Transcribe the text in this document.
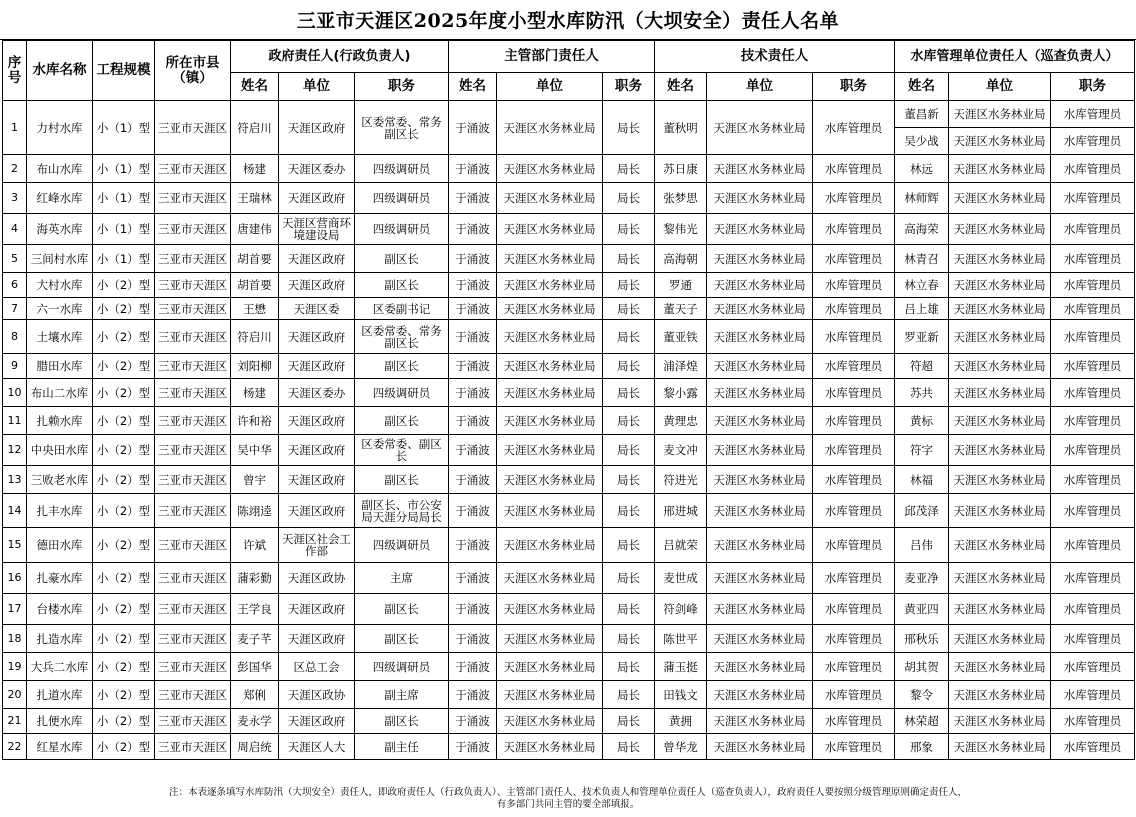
三亚市天涯区2025年度小型水库防汛（大坝安全）责任人名单
序号	水库名称	工程规模	所在市县（镇）	政府责任人(行政负责人)			主管部门责任人			技术责任人			水库管理单位责任人（巡查负责人）		
				姓名	单位	职务	姓名	单位	职务	姓名	单位	职务	姓名	单位	职务
1	力村水库	小（1）型	三亚市天涯区	符启川	天涯区政府	区委常委、常务副区长	于涌波	天涯区水务林业局	局长	董秋明	天涯区水务林业局	水库管理员	董昌新	天涯区水务林业局	水库管理员
													吴少战	天涯区水务林业局	水库管理员
2	布山水库	小（1）型	三亚市天涯区	杨建	天涯区委办	四级调研员	于涌波	天涯区水务林业局	局长	苏日康	天涯区水务林业局	水库管理员	林远	天涯区水务林业局	水库管理员
3	红峰水库	小（1）型	三亚市天涯区	王瑞林	天涯区政府	四级调研员	于涌波	天涯区水务林业局	局长	张梦思	天涯区水务林业局	水库管理员	林师辉	天涯区水务林业局	水库管理员
4	海英水库	小（1）型	三亚市天涯区	唐建伟	天涯区营商环境建设局	四级调研员	于涌波	天涯区水务林业局	局长	黎伟光	天涯区水务林业局	水库管理员	高海荣	天涯区水务林业局	水库管理员
5	三间村水库	小（1）型	三亚市天涯区	胡首要	天涯区政府	副区长	于涌波	天涯区水务林业局	局长	高海朝	天涯区水务林业局	水库管理员	林青召	天涯区水务林业局	水库管理员
6	大村水库	小（2）型	三亚市天涯区	胡首要	天涯区政府	副区长	于涌波	天涯区水务林业局	局长	罗通	天涯区水务林业局	水库管理员	林立春	天涯区水务林业局	水库管理员
7	六一水库	小（2）型	三亚市天涯区	王懋	天涯区委	区委副书记	于涌波	天涯区水务林业局	局长	董天子	天涯区水务林业局	水库管理员	吕上雄	天涯区水务林业局	水库管理员
8	土壤水库	小（2）型	三亚市天涯区	符启川	天涯区政府	区委常委、常务副区长	于涌波	天涯区水务林业局	局长	董亚铁	天涯区水务林业局	水库管理员	罗亚新	天涯区水务林业局	水库管理员
9	腊田水库	小（2）型	三亚市天涯区	刘阳柳	天涯区政府	副区长	于涌波	天涯区水务林业局	局长	浦泽煌	天涯区水务林业局	水库管理员	符超	天涯区水务林业局	水库管理员
10	布山二水库	小（2）型	三亚市天涯区	杨建	天涯区委办	四级调研员	于涌波	天涯区水务林业局	局长	黎小露	天涯区水务林业局	水库管理员	苏共	天涯区水务林业局	水库管理员
11	扎赖水库	小（2）型	三亚市天涯区	许和裕	天涯区政府	副区长	于涌波	天涯区水务林业局	局长	黄理忠	天涯区水务林业局	水库管理员	黄标	天涯区水务林业局	水库管理员
12	中央田水库	小（2）型	三亚市天涯区	吴中华	天涯区政府	区委常委、副区长	于涌波	天涯区水务林业局	局长	麦文冲	天涯区水务林业局	水库管理员	符字	天涯区水务林业局	水库管理员
13	三败老水库	小（2）型	三亚市天涯区	曾宇	天涯区政府	副区长	于涌波	天涯区水务林业局	局长	符进光	天涯区水务林业局	水库管理员	林福	天涯区水务林业局	水库管理员
14	扎丰水库	小（2）型	三亚市天涯区	陈翊逵	天涯区政府	副区长、市公安局天涯分局局长	于涌波	天涯区水务林业局	局长	邢进城	天涯区水务林业局	水库管理员	邱茂泽	天涯区水务林业局	水库管理员
15	德田水库	小（2）型	三亚市天涯区	许斌	天涯区社会工作部	四级调研员	于涌波	天涯区水务林业局	局长	吕就荣	天涯区水务林业局	水库管理员	吕伟	天涯区水务林业局	水库管理员
16	扎豪水库	小（2）型	三亚市天涯区	蒲彩勤	天涯区政协	主席	于涌波	天涯区水务林业局	局长	麦世成	天涯区水务林业局	水库管理员	麦亚净	天涯区水务林业局	水库管理员
17	台楼水库	小（2）型	三亚市天涯区	王学良	天涯区政府	副区长	于涌波	天涯区水务林业局	局长	符剑峰	天涯区水务林业局	水库管理员	黄亚四	天涯区水务林业局	水库管理员
18	扎造水库	小（2）型	三亚市天涯区	麦子芊	天涯区政府	副区长	于涌波	天涯区水务林业局	局长	陈世平	天涯区水务林业局	水库管理员	邢秋乐	天涯区水务林业局	水库管理员
19	大兵二水库	小（2）型	三亚市天涯区	彭国华	区总工会	四级调研员	于涌波	天涯区水务林业局	局长	蒲玉挺	天涯区水务林业局	水库管理员	胡其贺	天涯区水务林业局	水库管理员
20	扎道水库	小（2）型	三亚市天涯区	郑俐	天涯区政协	副主席	于涌波	天涯区水务林业局	局长	田钱文	天涯区水务林业局	水库管理员	黎令	天涯区水务林业局	水库管理员
21	扎便水库	小（2）型	三亚市天涯区	麦永学	天涯区政府	副区长	于涌波	天涯区水务林业局	局长	黄拥	天涯区水务林业局	水库管理员	林荣超	天涯区水务林业局	水库管理员
22	红星水库	小（2）型	三亚市天涯区	周启统	天涯区人大	副主任	于涌波	天涯区水务林业局	局长	曾华龙	天涯区水务林业局	水库管理员	邢象	天涯区水务林业局	水库管理员
注：本表逐条填写水库防汛（大坝安全）责任人，即政府责任人（行政负责人）、主管部门责任人、技术负责人和管理单位责任人（巡查负责人），政府责任人要按照分级管理原则确定责任人，
有多部门共同主管的要全部填报。
